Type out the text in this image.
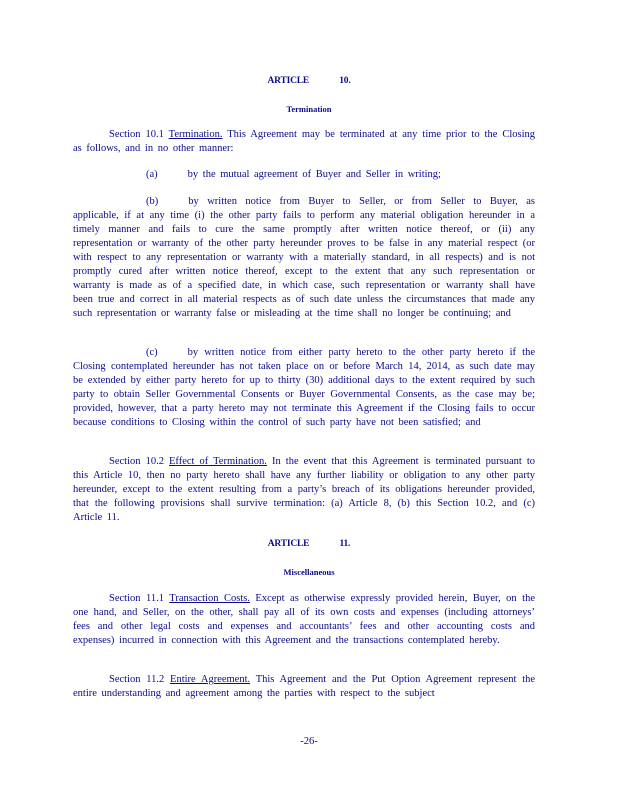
ARTICLE	10.
Termination
Section 10.1 Termination. This Agreement may be terminated at any time prior to the Closing as follows, and in no other manner:
(a)	by the mutual agreement of Buyer and Seller in writing;
(b)	by written notice from Buyer to Seller, or from Seller to Buyer, as applicable, if at any time (i) the other party fails to perform any material obligation hereunder in a timely manner and fails to cure the same promptly after written notice thereof, or (ii) any representation or warranty of the other party hereunder proves to be false in any material respect (or with respect to any representation or warranty with a materially standard, in all respects) and is not promptly cured after written notice thereof, except to the extent that any such representation or warranty is made as of a specified date, in which case, such representation or warranty shall have been true and correct in all material respects as of such date unless the circumstances that made any such representation or warranty false or misleading at the time shall no longer be continuing; and
(c)	by written notice from either party hereto to the other party hereto if the Closing contemplated hereunder has not taken place on or before March 14, 2014, as such date may be extended by either party hereto for up to thirty (30) additional days to the extent required by such party to obtain Seller Governmental Consents or Buyer Governmental Consents, as the case may be; provided, however, that a party hereto may not terminate this Agreement if the Closing fails to occur because conditions to Closing within the control of such party have not been satisfied; and
Section 10.2 Effect of Termination. In the event that this Agreement is terminated pursuant to this Article 10, then no party hereto shall have any further liability or obligation to any other party hereunder, except to the extent resulting from a party’s breach of its obligations hereunder provided, that the following provisions shall survive termination: (a) Article 8, (b) this Section 10.2, and (c) Article 11.
ARTICLE	11.
Miscellaneous
Section 11.1 Transaction Costs. Except as otherwise expressly provided herein, Buyer, on the one hand, and Seller, on the other, shall pay all of its own costs and expenses (including attorneys’ fees and other legal costs and expenses and accountants’ fees and other accounting costs and expenses) incurred in connection with this Agreement and the transactions contemplated hereby.
Section 11.2 Entire Agreement. This Agreement and the Put Option Agreement represent the entire understanding and agreement among the parties with respect to the subject
-26-
